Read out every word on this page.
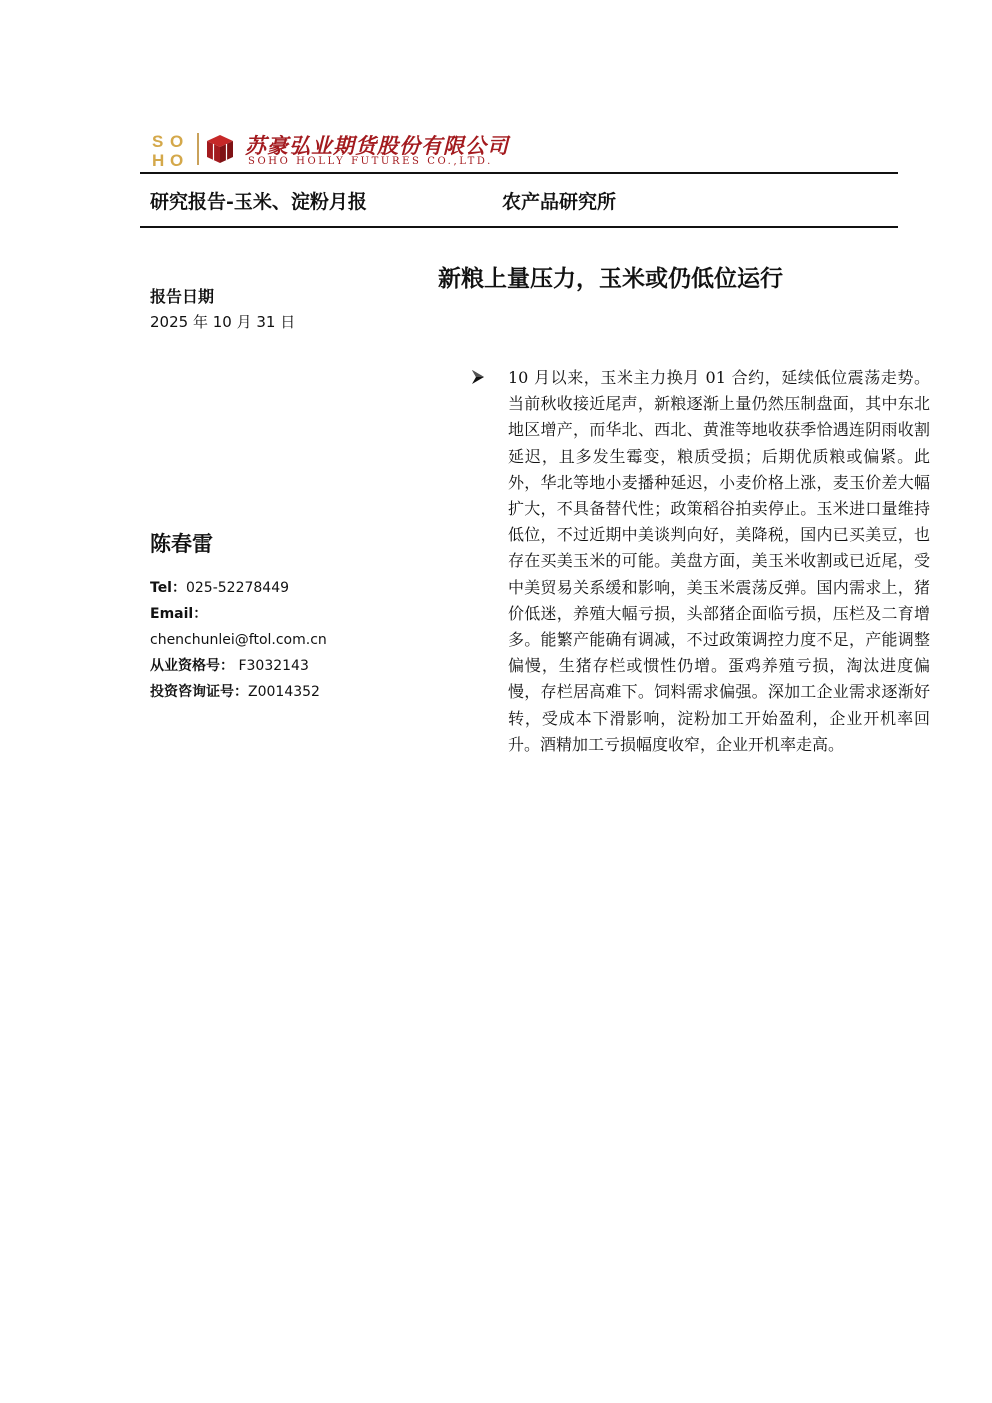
S O
H O
苏豪弘业期货股份有限公司
SOHO HOLLY FUTURES CO.,LTD.
研究报告-玉米、淀粉月报	农产品研究所
新粮上量压力，玉米或仍低位运行
报告日期
2025 年 10 月 31 日
陈春雷
Tel：025-52278449
Email：
chenchunlei@ftol.com.cn
从业资格号： F3032143
投资咨询证号：Z0014352
10 月以来，玉米主力换月 01 合约，延续低位震荡走势。当前秋收接近尾声，新粮逐渐上量仍然压制盘面，其中东北地区增产，而华北、西北、黄淮等地收获季恰遇连阴雨收割延迟，且多发生霉变，粮质受损；后期优质粮或偏紧。此外，华北等地小麦播种延迟，小麦价格上涨，麦玉价差大幅扩大，不具备替代性；政策稻谷拍卖停止。玉米进口量维持低位，不过近期中美谈判向好，美降税，国内已买美豆，也存在买美玉米的可能。美盘方面，美玉米收割或已近尾，受中美贸易关系缓和影响，美玉米震荡反弹。国内需求上，猪价低迷，养殖大幅亏损，头部猪企面临亏损，压栏及二育增多。能繁产能确有调减，不过政策调控力度不足，产能调整偏慢，生猪存栏或惯性仍增。蛋鸡养殖亏损，淘汰进度偏慢，存栏居高难下。饲料需求偏强。深加工企业需求逐渐好转，受成本下滑影响，淀粉加工开始盈利，企业开机率回升。酒精加工亏损幅度收窄，企业开机率走高。
